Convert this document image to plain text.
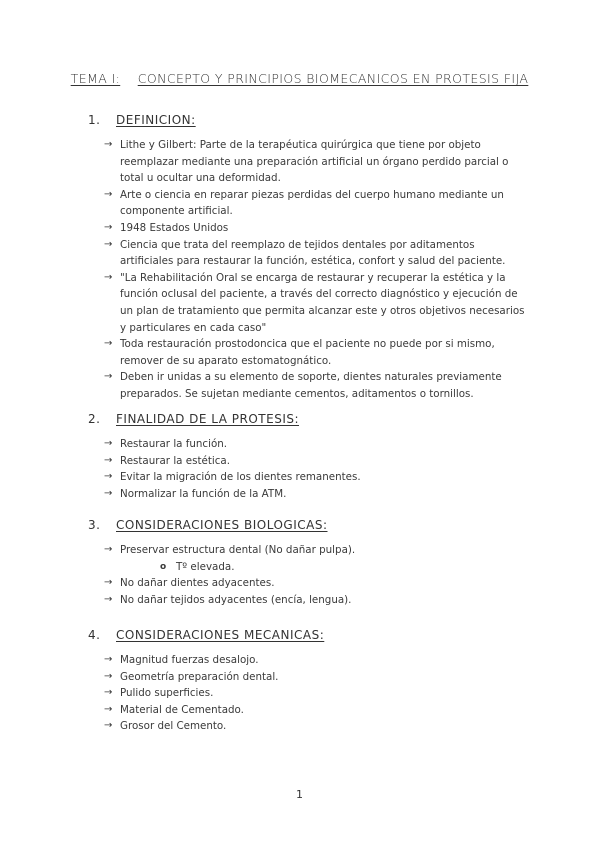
TEMA I: CONCEPTO Y PRINCIPIOS BIOMECANICOS EN PROTESIS FIJA
1. DEFINICION:
→ Lithe y Gilbert: Parte de la terapéutica quirúrgica que tiene por objeto reemplazar mediante una preparación artificial un órgano perdido parcial o total u ocultar una deformidad.
→ Arte o ciencia en reparar piezas perdidas del cuerpo humano mediante un componente artificial.
→ 1948 Estados Unidos
→ Ciencia que trata del reemplazo de tejidos dentales por aditamentos artificiales para restaurar la función, estética, confort y salud del paciente.
→ "La Rehabilitación Oral se encarga de restaurar y recuperar la estética y la función oclusal del paciente, a través del correcto diagnóstico y ejecución de un plan de tratamiento que permita alcanzar este y otros objetivos necesarios y particulares en cada caso"
→ Toda restauración prostodoncica que el paciente no puede por si mismo, remover de su aparato estomatognático.
→ Deben ir unidas a su elemento de soporte, dientes naturales previamente preparados. Se sujetan mediante cementos, aditamentos o tornillos.
2. FINALIDAD DE LA PROTESIS:
→ Restaurar la función.
→ Restaurar la estética.
→ Evitar la migración de los dientes remanentes.
→ Normalizar la función de la ATM.
3. CONSIDERACIONES BIOLOGICAS:
→ Preservar estructura dental (No dañar pulpa).
o Tº elevada.
→ No dañar dientes adyacentes.
→ No dañar tejidos adyacentes (encía, lengua).
4. CONSIDERACIONES MECANICAS:
→ Magnitud fuerzas desalojo.
→ Geometría preparación dental.
→ Pulido superficies.
→ Material de Cementado.
→ Grosor del Cemento.
1
